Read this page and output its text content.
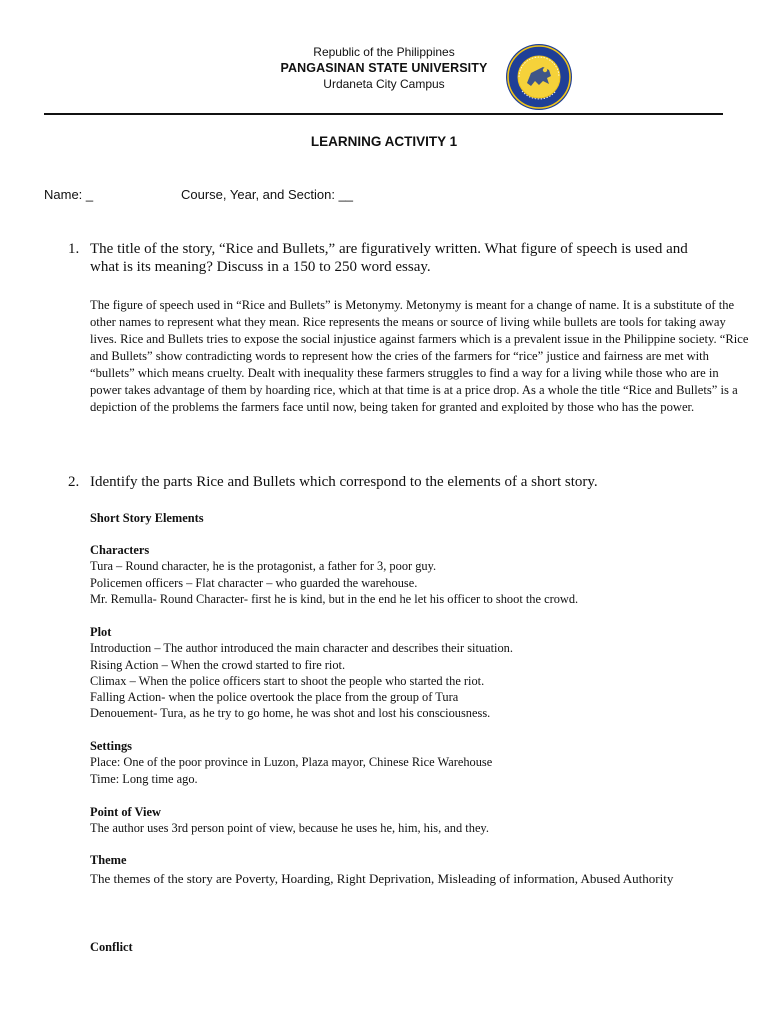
Republic of the Philippines
PANGASINAN STATE UNIVERSITY
Urdaneta City Campus
LEARNING ACTIVITY 1
Name: _	Course, Year, and Section: __
1. The title of the story, “Rice and Bullets,” are figuratively written. What figure of speech is used and what is its meaning? Discuss in a 150 to 250 word essay.

The figure of speech used in “Rice and Bullets” is Metonymy. Metonymy is meant for a change of name. It is a substitute of the other names to represent what they mean. Rice represents the means or source of living while bullets are tools for taking away lives. Rice and Bullets tries to expose the social injustice against farmers which is a prevalent issue in the Philippine society. “Rice and Bullets” show contradicting words to represent how the cries of the farmers for “rice” justice and fairness are met with “bullets” which means cruelty. Dealt with inequality these farmers struggles to find a way for a living while those who are in power takes advantage of them by hoarding rice, which at that time is at a price drop. As a whole the title “Rice and Bullets” is a depiction of the problems the farmers face until now, being taken for granted and exploited by those who has the power.

2. Identify the parts Rice and Bullets which correspond to the elements of a short story.
Short Story Elements
Characters
Tura – Round character, he is the protagonist, a father for 3, poor guy.
Policemen officers – Flat character – who guarded the warehouse.
Mr. Remulla- Round Character- first he is kind, but in the end he let his officer to shoot the crowd.
Plot
Introduction – The author introduced the main character and describes their situation.
Rising Action – When the crowd started to fire riot.
Climax – When the police officers start to shoot the people who started the riot.
Falling Action- when the police overtook the place from the group of Tura
Denouement- Tura, as he try to go home, he was shot and lost his consciousness.
Settings
Place: One of the poor province in Luzon, Plaza mayor, Chinese Rice Warehouse
Time: Long time ago.
Point of View
The author uses 3rd person point of view, because he uses he, him, his, and they.
Theme
The themes of the story are Poverty, Hoarding, Right Deprivation, Misleading of information, Abused Authority
Conflict
